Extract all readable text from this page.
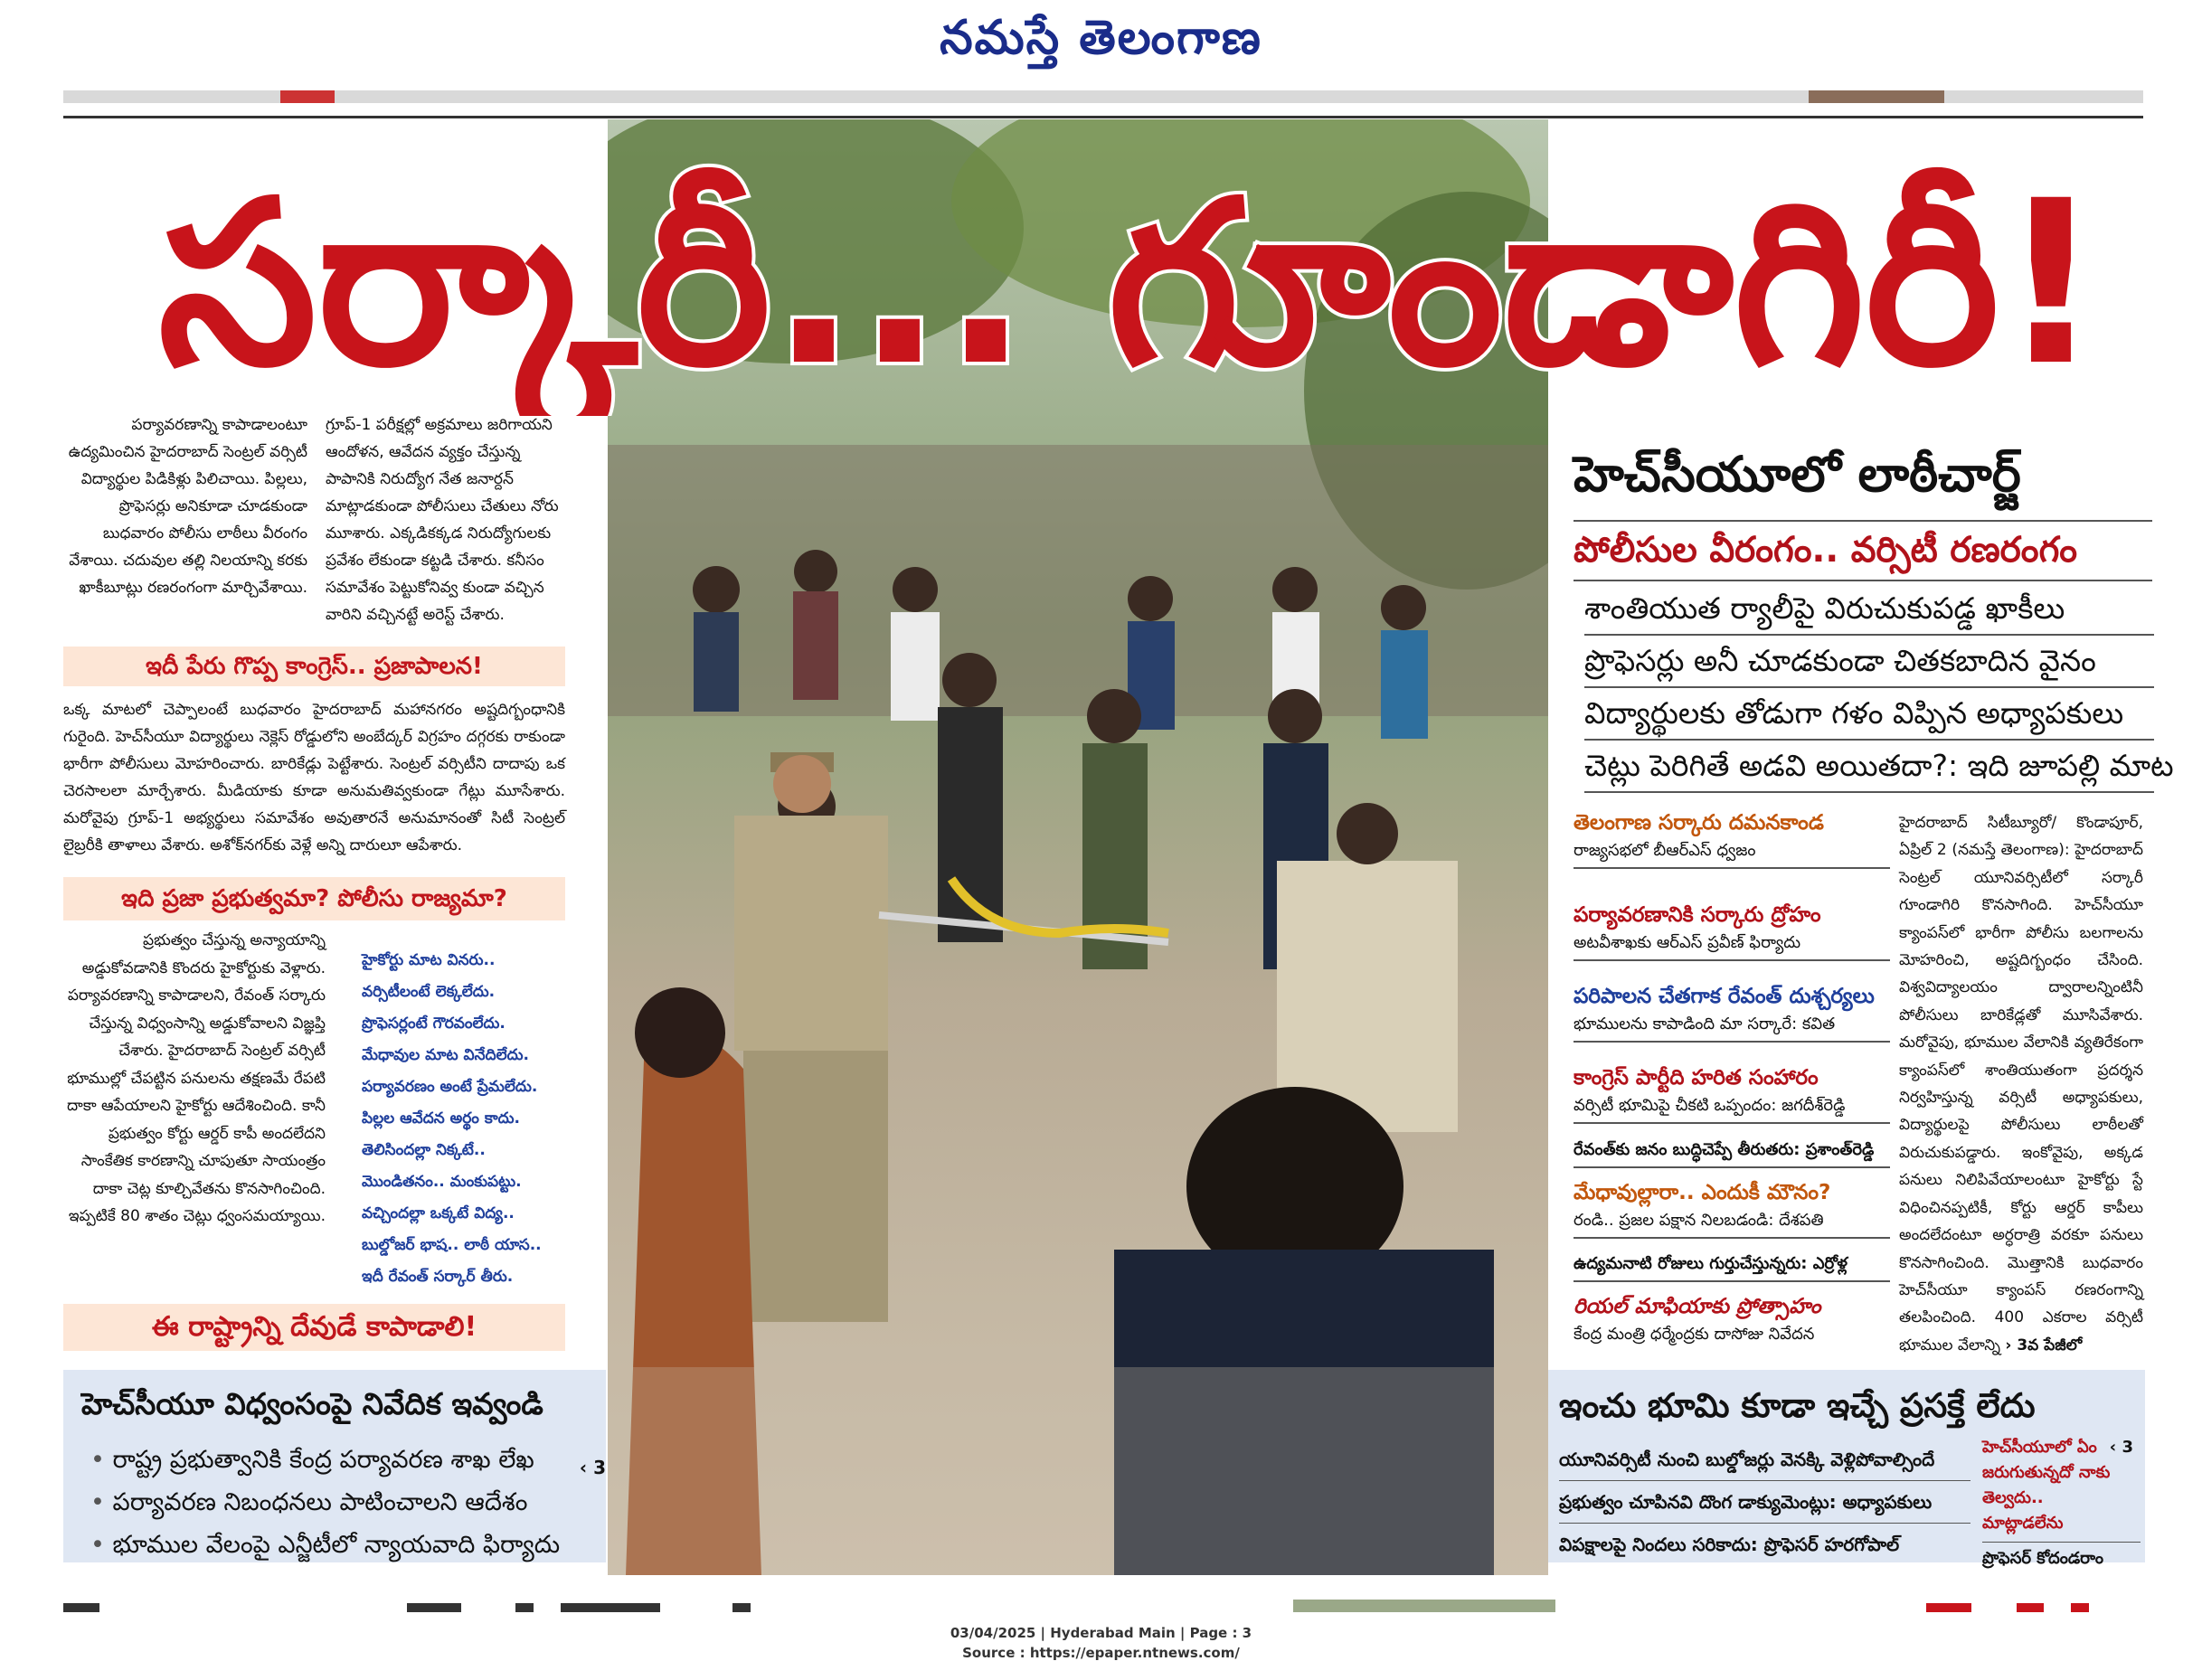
నమస్తే తెలంగాణ
సర్కారీ... గూండాగిరీ!
పర్యావరణాన్ని కాపాడాలంటూ ఉద్యమించిన హైదరాబాద్ సెంట్రల్ వర్సిటీ విద్యార్థుల పిడికిళ్లు పిలిచాయి. పిల్లలు, ప్రొఫెసర్లు అనికూడా చూడకుండా బుధవారం పోలీసు లాఠీలు వీరంగం వేశాయి. చదువుల తల్లి నిలయాన్ని కరకు ఖాకీబూట్లు రణరంగంగా మార్చివేశాయి.
గ్రూప్-1 పరీక్షల్లో అక్రమాలు జరిగాయని ఆందోళన, ఆవేదన వ్యక్తం చేస్తున్న పాపానికి నిరుద్యోగ నేత జనార్దన్ మాట్లాడకుండా పోలీసులు చేతులు నోరు మూశారు. ఎక్కడికక్కడ నిరుద్యోగులకు ప్రవేశం లేకుండా కట్టడి చేశారు. కనీసం సమావేశం పెట్టుకోనివ్వ కుండా వచ్చిన వారిని వచ్చినట్టే అరెస్ట్ చేశారు.
ఇదీ పేరు గొప్ప కాంగ్రెస్.. ప్రజాపాలన!
ఒక్క మాటలో చెప్పాలంటే బుధవారం హైదరాబాద్ మహానగరం అష్టదిగ్బంధానికి గురైంది. హెచ్‌సీయూ విద్యార్థులు నెక్లెస్ రోడ్డులోని అంబేద్కర్ విగ్రహం దగ్గరకు రాకుండా భారీగా పోలీసులు మోహరించారు. బారికేడ్లు పెట్టేశారు. సెంట్రల్ వర్సిటీని దాదాపు ఒక చెరసాలలా మార్చేశారు. మీడియాకు కూడా అనుమతివ్వకుండా గేట్లు మూసేశారు. మరోవైపు గ్రూప్-1 అభ్యర్థులు సమావేశం అవుతారనే అనుమానంతో సిటీ సెంట్రల్ లైబ్రరీకి తాళాలు వేశారు. అశోక్‌నగర్‌కు వెళ్లే అన్ని దారులూ ఆపేశారు.
ఇది ప్రజా ప్రభుత్వమా? పోలీసు రాజ్యమా?
ప్రభుత్వం చేస్తున్న అన్యాయాన్ని అడ్డుకోవడానికి కొందరు హైకోర్టుకు వెళ్లారు. పర్యావరణాన్ని కాపాడాలని, రేవంత్ సర్కారు చేస్తున్న విధ్వంసాన్ని అడ్డుకోవాలని విజ్ఞప్తి చేశారు. హైదరాబాద్ సెంట్రల్ వర్సిటీ భూముల్లో చేపట్టిన పనులను తక్షణమే రేపటి దాకా ఆపేయాలని హైకోర్టు ఆదేశించింది. కానీ ప్రభుత్వం కోర్టు ఆర్డర్ కాపీ అందలేదని సాంకేతిక కారణాన్ని చూపుతూ సాయంత్రం దాకా చెట్ల కూల్చివేతను కొనసాగించింది. ఇప్పటికే 80 శాతం చెట్లు ధ్వంసమయ్యాయి.
హైకోర్టు మాట వినరు..
వర్సిటీలంటే లెక్కలేదు.
ప్రొఫెసర్లంటే గౌరవంలేదు.
మేధావుల మాట వినేదిలేదు.
పర్యావరణం అంటే ప్రేమలేదు.
పిల్లల ఆవేదన అర్థం కాదు.
తెలిసిందల్లా నిక్కటే..
మొండితనం.. మంకుపట్టు.
వచ్చిందల్లా ఒక్కటే విద్య..
బుల్డోజర్ భాష.. లాఠీ యాస..
ఇదీ రేవంత్ సర్కార్ తీరు.
ఈ రాష్ట్రాన్ని దేవుడే కాపాడాలి!
హెచ్‌సీయూ విధ్వంసంపై నివేదిక ఇవ్వండి
• రాష్ట్ర ప్రభుత్వానికి కేంద్ర పర్యావరణ శాఖ లేఖ
• పర్యావరణ నిబంధనలు పాటించాలని ఆదేశం
• భూముల వేలంపై ఎన్జీటీలో న్యాయవాది ఫిర్యాదు
‹ 3
హెచ్‌సీయూలో లాఠీచార్జ్
పోలీసుల వీరంగం.. వర్సిటీ రణరంగం
శాంతియుత ర్యాలీపై విరుచుకుపడ్డ ఖాకీలు
ప్రొఫెసర్లు అనీ చూడకుండా చితకబాదిన వైనం
విద్యార్థులకు తోడుగా గళం విప్పిన అధ్యాపకులు
చెట్లు పెరిగితే అడవి అయితదా?: ఇది జూపల్లి మాట
తెలంగాణ సర్కారు దమనకాండ
రాజ్యసభలో బీఆర్‌ఎస్ ధ్వజం
పర్యావరణానికి సర్కారు ద్రోహం
అటవీశాఖకు ఆర్‌ఎస్ ప్రవీణ్ ఫిర్యాదు
పరిపాలన చేతగాక రేవంత్ దుశ్చర్యలు
భూములను కాపాడింది మా సర్కారే: కవిత
కాంగ్రెస్ పార్టీది హరిత సంహారం
వర్సిటీ భూమిపై చీకటి ఒప్పందం: జగదీశ్‌రెడ్డి
రేవంత్‌కు జనం బుద్ధిచెప్పే తీరుతరు: ప్రశాంత్‌రెడ్డి
మేధావుల్లారా.. ఎందుకీ మౌనం?
రండి.. ప్రజల పక్షాన నిలబడండి: దేశపతి
ఉద్యమనాటి రోజులు గుర్తుచేస్తున్నరు: ఎర్రోళ్ల
రియల్ మాఫియాకు ప్రోత్సాహం
కేంద్ర మంత్రి ధర్మేంద్రకు దాసోజు నివేదన
హైదరాబాద్ సిటీబ్యూరో/ కొండాపూర్, ఏప్రిల్ 2 (నమస్తే తెలంగాణ): హైదరాబాద్ సెంట్రల్ యూనివర్సిటీలో సర్కారీ గూండాగిరి కొనసాగింది. హెచ్‌సీయూ క్యాంపస్‌లో భారీగా పోలీసు బలగాలను మోహరించి, అష్టదిగ్బంధం చేసింది. విశ్వవిద్యాలయం ద్వారాలన్నింటినీ పోలీసులు బారికేడ్లతో మూసివేశారు. మరోవైపు, భూముల వేలానికి వ్యతిరేకంగా క్యాంపస్‌లో శాంతియుతంగా ప్రదర్శన నిర్వహిస్తున్న వర్సిటీ అధ్యాపకులు, విద్యార్థులపై పోలీసులు లాఠీలతో విరుచుకుపడ్డారు. ఇంకోవైపు, అక్కడ పనులు నిలిపివేయాలంటూ హైకోర్టు స్టే విధించినప్పటికీ, కోర్టు ఆర్డర్ కాపీలు అందలేదంటూ అర్ధరాత్రి వరకూ పనులు కొనసాగించింది. మొత్తానికి బుధవారం హెచ్‌సీయూ క్యాంపస్ రణరంగాన్ని తలపించింది. 400 ఎకరాల వర్సిటీ భూముల వేలాన్ని › 3వ పేజీలో
ఇంచు భూమి కూడా ఇచ్చే ప్రసక్తే లేదు
యూనివర్సిటీ నుంచి బుల్డోజర్లు వెనక్కి వెళ్లిపోవాల్సిందే
ప్రభుత్వం చూపినవి దొంగ డాక్యుమెంట్లు: అధ్యాపకులు
విపక్షాలపై నిందలు సరికాదు: ప్రొఫెసర్ హరగోపాల్
‹ 3
హెచ్‌సీయూలో ఏం జరుగుతున్నదో నాకు తెల్వదు.. మాట్లాడలేను
ప్రొఫెసర్ కోదండరాం
03/04/2025 | Hyderabad Main | Page : 3
Source : https://epaper.ntnews.com/
